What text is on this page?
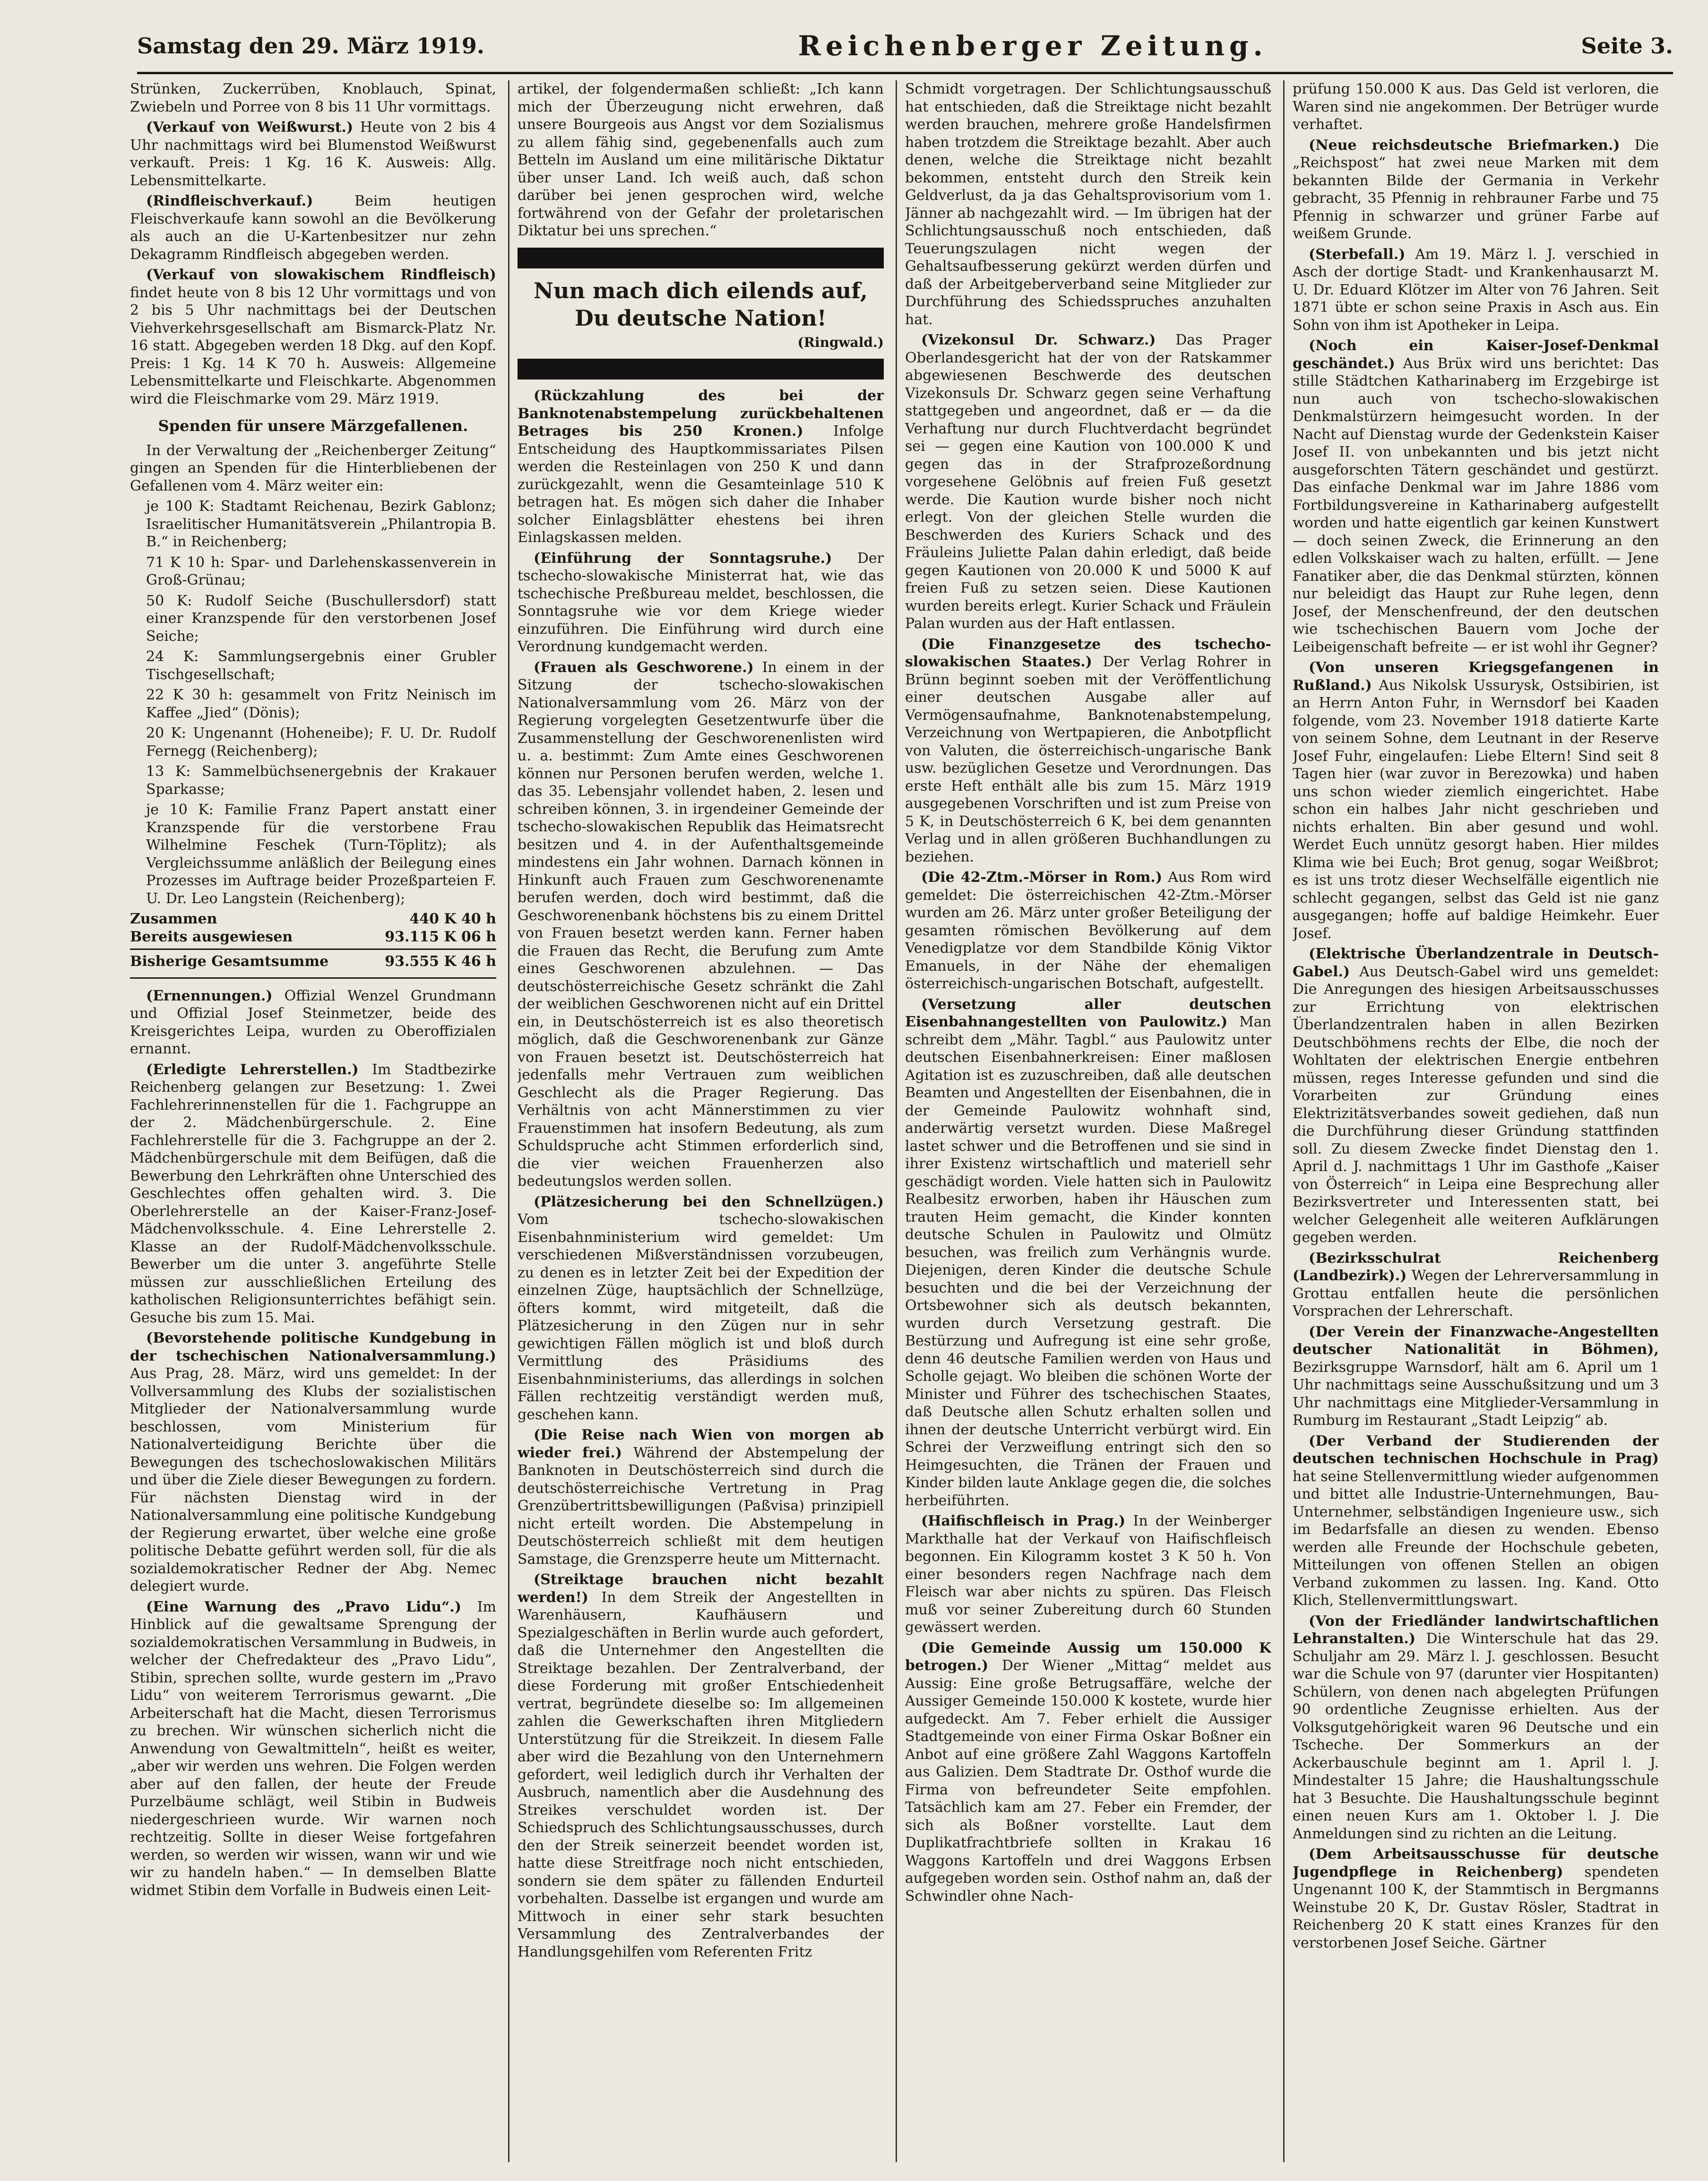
Samstag den 29. März 1919.	Reichenberger Zeitung.	Seite 3.

Strünken, Zuckerrüben, Knoblauch, Spinat, Zwiebeln und Porree von 8 bis 11 Uhr vormittags.

(Verkauf von Weißwurst.) Heute von 2 bis 4 Uhr nachmittags wird bei Blumenstod Weißwurst verkauft. Preis: 1 Kg. 16 K. Ausweis: Allg. Lebensmittelkarte.

(Rindfleischverkauf.) Beim heutigen Fleischverkaufe kann sowohl an die Bevölkerung als auch an die U-Kartenbesitzer nur zehn Dekagramm Rindfleisch abgegeben werden.

(Verkauf von slowakischem Rindfleisch) findet heute von 8 bis 12 Uhr vormittags und von 2 bis 5 Uhr nachmittags bei der Deutschen Viehverkehrsgesellschaft am Bismarck-Platz Nr. 16 statt. Abgegeben werden 18 Dkg. auf den Kopf. Preis: 1 Kg. 14 K 70 h. Ausweis: Allgemeine Lebensmittelkarte und Fleischkarte. Abgenommen wird die Fleischmarke vom 29. März 1919.

Spenden für unsere Märzgefallenen.

In der Verwaltung der „Reichenberger Zeitung“ gingen an Spenden für die Hinterbliebenen der Gefallenen vom 4. März weiter ein:

je 100 K: Stadtamt Reichenau, Bezirk Gablonz; Israelitischer Humanitätsverein „Philantropia B. B.“ in Reichenberg;

71 K 10 h: Spar- und Darlehenskassenverein in Groß-Grünau;

50 K: Rudolf Seiche (Buschullersdorf) statt einer Kranzspende für den verstorbenen Josef Seiche;

24 K: Sammlungsergebnis einer Grubler Tischgesellschaft;

22 K 30 h: gesammelt von Fritz Neinisch im Kaffee „Jied“ (Dönis);

20 K: Ungenannt (Hoheneibe); F. U. Dr. Rudolf Fernegg (Reichenberg);

13 K: Sammelbüchsenergebnis der Krakauer Sparkasse;

je 10 K: Familie Franz Papert anstatt einer Kranzspende für die verstorbene Frau Wilhelmine Feschek (Turn-Töplitz); als Vergleichssumme anläßlich der Beilegung eines Prozesses im Auftrage beider Prozeßparteien F. U. Dr. Leo Langstein (Reichenberg);

Zusammen	440 K 40 h
Bereits ausgewiesen	93.115 K 06 h
Bisherige Gesamtsumme	93.555 K 46 h

(Ernennungen.) Offizial Wenzel Grundmann und Offizial Josef Steinmetzer, beide des Kreisgerichtes Leipa, wurden zu Oberoffizialen ernannt.

(Erledigte Lehrerstellen.) Im Stadtbezirke Reichenberg gelangen zur Besetzung: 1. Zwei Fachlehrerinnenstellen für die 1. Fachgruppe an der 2. Mädchenbürgerschule. 2. Eine Fachlehrerstelle für die 3. Fachgruppe an der 2. Mädchenbürgerschule mit dem Beifügen, daß die Bewerbung den Lehrkräften ohne Unterschied des Geschlechtes offen gehalten wird. 3. Die Oberlehrerstelle an der Kaiser-Franz-Josef-Mädchenvolksschule. 4. Eine Lehrerstelle 2. Klasse an der Rudolf-Mädchenvolksschule. Bewerber um die unter 3. angeführte Stelle müssen zur ausschließlichen Erteilung des katholischen Religionsunterrichtes befähigt sein. Gesuche bis zum 15. Mai.

(Bevorstehende politische Kundgebung in der tschechischen Nationalversammlung.) Aus Prag, 28. März, wird uns gemeldet: In der Vollversammlung des Klubs der sozialistischen Mitglieder der Nationalversammlung wurde beschlossen, vom Ministerium für Nationalverteidigung Berichte über die Bewegungen des tschechoslowakischen Militärs und über die Ziele dieser Bewegungen zu fordern. Für nächsten Dienstag wird in der Nationalversammlung eine politische Kundgebung der Regierung erwartet, über welche eine große politische Debatte geführt werden soll, für die als sozialdemokratischer Redner der Abg. Nemec delegiert wurde.

(Eine Warnung des „Pravo Lidu“.) Im Hinblick auf die gewaltsame Sprengung der sozialdemokratischen Versammlung in Budweis, in welcher der Chefredakteur des „Pravo Lidu“, Stibin, sprechen sollte, wurde gestern im „Pravo Lidu“ von weiterem Terrorismus gewarnt. „Die Arbeiterschaft hat die Macht, diesen Terrorismus zu brechen. Wir wünschen sicherlich nicht die Anwendung von Gewaltmitteln“, heißt es weiter, „aber wir werden uns wehren. Die Folgen werden aber auf den fallen, der heute der Freude Purzelbäume schlägt, weil Stibin in Budweis niedergeschrieen wurde. Wir warnen noch rechtzeitig. Sollte in dieser Weise fortgefahren werden, so werden wir wissen, wann wir und wie wir zu handeln haben.“ — In demselben Blatte widmet Stibin dem Vorfalle in Budweis einen Leit-

artikel, der folgendermaßen schließt: „Ich kann mich der Überzeugung nicht erwehren, daß unsere Bourgeois aus Angst vor dem Sozialismus zu allem fähig sind, gegebenenfalls auch zum Betteln im Ausland um eine militärische Diktatur über unser Land. Ich weiß auch, daß schon darüber bei jenen gesprochen wird, welche fortwährend von der Gefahr der proletarischen Diktatur bei uns sprechen.“

Nun mach dich eilends auf, Du deutsche Nation!
(Ringwald.)

(Rückzahlung des bei der Banknotenabstempelung zurückbehaltenen Betrages bis 250 Kronen.) Infolge Entscheidung des Hauptkommissariates Pilsen werden die Resteinlagen von 250 K und dann zurückgezahlt, wenn die Gesamteinlage 510 K betragen hat. Es mögen sich daher die Inhaber solcher Einlagsblätter ehestens bei ihren Einlagskassen melden.

(Einführung der Sonntagsruhe.) Der tschecho-slowakische Ministerrat hat, wie das tschechische Preßbureau meldet, beschlossen, die Sonntagsruhe wie vor dem Kriege wieder einzuführen. Die Einführung wird durch eine Verordnung kundgemacht werden.

(Frauen als Geschworene.) In einem in der Sitzung der tschecho-slowakischen Nationalversammlung vom 26. März von der Regierung vorgelegten Gesetzentwurfe über die Zusammenstellung der Geschworenenlisten wird u. a. bestimmt: Zum Amte eines Geschworenen können nur Personen berufen werden, welche 1. das 35. Lebensjahr vollendet haben, 2. lesen und schreiben können, 3. in irgendeiner Gemeinde der tschecho-slowakischen Republik das Heimatsrecht besitzen und 4. in der Aufenthaltsgemeinde mindestens ein Jahr wohnen. Darnach können in Hinkunft auch Frauen zum Geschworenenamte berufen werden, doch wird bestimmt, daß die Geschworenenbank höchstens bis zu einem Drittel von Frauen besetzt werden kann. Ferner haben die Frauen das Recht, die Berufung zum Amte eines Geschworenen abzulehnen. — Das deutschösterreichische Gesetz schränkt die Zahl der weiblichen Geschworenen nicht auf ein Drittel ein, in Deutschösterreich ist es also theoretisch möglich, daß die Geschworenenbank zur Gänze von Frauen besetzt ist. Deutschösterreich hat jedenfalls mehr Vertrauen zum weiblichen Geschlecht als die Prager Regierung. Das Verhältnis von acht Männerstimmen zu vier Frauenstimmen hat insofern Bedeutung, als zum Schuldspruche acht Stimmen erforderlich sind, die vier weichen Frauenherzen also bedeutungslos werden sollen.

(Plätzesicherung bei den Schnellzügen.) Vom tschecho-slowakischen Eisenbahnministerium wird gemeldet: Um verschiedenen Mißverständnissen vorzubeugen, zu denen es in letzter Zeit bei der Expedition der einzelnen Züge, hauptsächlich der Schnellzüge, öfters kommt, wird mitgeteilt, daß die Plätzesicherung in den Zügen nur in sehr gewichtigen Fällen möglich ist und bloß durch Vermittlung des Präsidiums des Eisenbahnministeriums, das allerdings in solchen Fällen rechtzeitig verständigt werden muß, geschehen kann.

(Die Reise nach Wien von morgen ab wieder frei.) Während der Abstempelung der Banknoten in Deutschösterreich sind durch die deutschösterreichische Vertretung in Prag Grenzübertrittsbewilligungen (Paßvisa) prinzipiell nicht erteilt worden. Die Abstempelung in Deutschösterreich schließt mit dem heutigen Samstage, die Grenzsperre heute um Mitternacht.

(Streiktage brauchen nicht bezahlt werden!) In dem Streik der Angestellten in Warenhäusern, Kaufhäusern und Spezialgeschäften in Berlin wurde auch gefordert, daß die Unternehmer den Angestellten die Streiktage bezahlen. Der Zentralverband, der diese Forderung mit großer Entschiedenheit vertrat, begründete dieselbe so: Im allgemeinen zahlen die Gewerkschaften ihren Mitgliedern Unterstützung für die Streikzeit. In diesem Falle aber wird die Bezahlung von den Unternehmern gefordert, weil lediglich durch ihr Verhalten der Ausbruch, namentlich aber die Ausdehnung des Streikes verschuldet worden ist. Der Schiedspruch des Schlichtungsausschusses, durch den der Streik seinerzeit beendet worden ist, hatte diese Streitfrage noch nicht entschieden, sondern sie dem später zu fällenden Endurteil vorbehalten. Dasselbe ist ergangen und wurde am Mittwoch in einer sehr stark besuchten Versammlung des Zentralverbandes der Handlungsgehilfen vom Referenten Fritz

Schmidt vorgetragen. Der Schlichtungsausschuß hat entschieden, daß die Streiktage nicht bezahlt werden brauchen, mehrere große Handelsfirmen haben trotzdem die Streiktage bezahlt. Aber auch denen, welche die Streiktage nicht bezahlt bekommen, entsteht durch den Streik kein Geldverlust, da ja das Gehaltsprovisorium vom 1. Jänner ab nachgezahlt wird. — Im übrigen hat der Schlichtungsausschuß noch entschieden, daß Teuerungszulagen nicht wegen der Gehaltsaufbesserung gekürzt werden dürfen und daß der Arbeitgeberverband seine Mitglieder zur Durchführung des Schiedsspruches anzuhalten hat.

(Vizekonsul Dr. Schwarz.) Das Prager Oberlandesgericht hat der von der Ratskammer abgewiesenen Beschwerde des deutschen Vizekonsuls Dr. Schwarz gegen seine Verhaftung stattgegeben und angeordnet, daß er — da die Verhaftung nur durch Fluchtverdacht begründet sei — gegen eine Kaution von 100.000 K und gegen das in der Strafprozeßordnung vorgesehene Gelöbnis auf freien Fuß gesetzt werde. Die Kaution wurde bisher noch nicht erlegt. Von der gleichen Stelle wurden die Beschwerden des Kuriers Schack und des Fräuleins Juliette Palan dahin erledigt, daß beide gegen Kautionen von 20.000 K und 5000 K auf freien Fuß zu setzen seien. Diese Kautionen wurden bereits erlegt. Kurier Schack und Fräulein Palan wurden aus der Haft entlassen.

(Die Finanzgesetze des tschecho-slowakischen Staates.) Der Verlag Rohrer in Brünn beginnt soeben mit der Veröffentlichung einer deutschen Ausgabe aller auf Vermögensaufnahme, Banknotenabstempelung, Verzeichnung von Wertpapieren, die Anbotpflicht von Valuten, die österreichisch-ungarische Bank usw. bezüglichen Gesetze und Verordnungen. Das erste Heft enthält alle bis zum 15. März 1919 ausgegebenen Vorschriften und ist zum Preise von 5 K, in Deutschösterreich 6 K, bei dem genannten Verlag und in allen größeren Buchhandlungen zu beziehen.

(Die 42-Ztm.-Mörser in Rom.) Aus Rom wird gemeldet: Die österreichischen 42-Ztm.-Mörser wurden am 26. März unter großer Beteiligung der gesamten römischen Bevölkerung auf dem Venedigplatze vor dem Standbilde König Viktor Emanuels, in der Nähe der ehemaligen österreichisch-ungarischen Botschaft, aufgestellt.

(Versetzung aller deutschen Eisenbahnangestellten von Paulowitz.) Man schreibt dem „Mähr. Tagbl.“ aus Paulowitz unter deutschen Eisenbahnerkreisen: Einer maßlosen Agitation ist es zuzuschreiben, daß alle deutschen Beamten und Angestellten der Eisenbahnen, die in der Gemeinde Paulowitz wohnhaft sind, anderwärtig versetzt wurden. Diese Maßregel lastet schwer und die Betroffenen und sie sind in ihrer Existenz wirtschaftlich und materiell sehr geschädigt worden. Viele hatten sich in Paulowitz Realbesitz erworben, haben ihr Häuschen zum trauten Heim gemacht, die Kinder konnten deutsche Schulen in Paulowitz und Olmütz besuchen, was freilich zum Verhängnis wurde. Diejenigen, deren Kinder die deutsche Schule besuchten und die bei der Verzeichnung der Ortsbewohner sich als deutsch bekannten, wurden durch Versetzung gestraft. Die Bestürzung und Aufregung ist eine sehr große, denn 46 deutsche Familien werden von Haus und Scholle gejagt. Wo bleiben die schönen Worte der Minister und Führer des tschechischen Staates, daß Deutsche allen Schutz erhalten sollen und ihnen der deutsche Unterricht verbürgt wird. Ein Schrei der Verzweiflung entringt sich den so Heimgesuchten, die Tränen der Frauen und Kinder bilden laute Anklage gegen die, die solches herbeiführten.

(Haifischfleisch in Prag.) In der Weinberger Markthalle hat der Verkauf von Haifischfleisch begonnen. Ein Kilogramm kostet 3 K 50 h. Von einer besonders regen Nachfrage nach dem Fleisch war aber nichts zu spüren. Das Fleisch muß vor seiner Zubereitung durch 60 Stunden gewässert werden.

(Die Gemeinde Aussig um 150.000 K betrogen.) Der Wiener „Mittag“ meldet aus Aussig: Eine große Betrugsaffäre, welche der Aussiger Gemeinde 150.000 K kostete, wurde hier aufgedeckt. Am 7. Feber erhielt die Aussiger Stadtgemeinde von einer Firma Oskar Boßner ein Anbot auf eine größere Zahl Waggons Kartoffeln aus Galizien. Dem Stadtrate Dr. Osthof wurde die Firma von befreundeter Seite empfohlen. Tatsächlich kam am 27. Feber ein Fremder, der sich als Boßner vorstellte. Laut dem Duplikatfrachtbriefe sollten in Krakau 16 Waggons Kartoffeln und drei Waggons Erbsen aufgegeben worden sein. Osthof nahm an, daß der Schwindler ohne Nach-

prüfung 150.000 K aus. Das Geld ist verloren, die Waren sind nie angekommen. Der Betrüger wurde verhaftet.

(Neue reichsdeutsche Briefmarken.) Die „Reichspost“ hat zwei neue Marken mit dem bekannten Bilde der Germania in Verkehr gebracht, 35 Pfennig in rehbrauner Farbe und 75 Pfennig in schwarzer und grüner Farbe auf weißem Grunde.

(Sterbefall.) Am 19. März l. J. verschied in Asch der dortige Stadt- und Krankenhausarzt M. U. Dr. Eduard Klötzer im Alter von 76 Jahren. Seit 1871 übte er schon seine Praxis in Asch aus. Ein Sohn von ihm ist Apotheker in Leipa.

(Noch ein Kaiser-Josef-Denkmal geschändet.) Aus Brüx wird uns berichtet: Das stille Städtchen Katharinaberg im Erzgebirge ist nun auch von tschecho-slowakischen Denkmalstürzern heimgesucht worden. In der Nacht auf Dienstag wurde der Gedenkstein Kaiser Josef II. von unbekannten und bis jetzt nicht ausgeforschten Tätern geschändet und gestürzt. Das einfache Denkmal war im Jahre 1886 vom Fortbildungsvereine in Katharinaberg aufgestellt worden und hatte eigentlich gar keinen Kunstwert — doch seinen Zweck, die Erinnerung an den edlen Volkskaiser wach zu halten, erfüllt. — Jene Fanatiker aber, die das Denkmal stürzten, können nur beleidigt das Haupt zur Ruhe legen, denn Josef, der Menschenfreund, der den deutschen wie tschechischen Bauern vom Joche der Leibeigenschaft befreite — er ist wohl ihr Gegner?

(Von unseren Kriegsgefangenen in Rußland.) Aus Nikolsk Ussurysk, Ostsibirien, ist an Herrn Anton Fuhr, in Wernsdorf bei Kaaden folgende, vom 23. November 1918 datierte Karte von seinem Sohne, dem Leutnant in der Reserve Josef Fuhr, eingelaufen: Liebe Eltern! Sind seit 8 Tagen hier (war zuvor in Berezowka) und haben uns schon wieder ziemlich eingerichtet. Habe schon ein halbes Jahr nicht geschrieben und nichts erhalten. Bin aber gesund und wohl. Werdet Euch unnütz gesorgt haben. Hier mildes Klima wie bei Euch; Brot genug, sogar Weißbrot; es ist uns trotz dieser Wechselfälle eigentlich nie schlecht gegangen, selbst das Geld ist nie ganz ausgegangen; hoffe auf baldige Heimkehr. Euer Josef.

(Elektrische Überlandzentrale in Deutsch-Gabel.) Aus Deutsch-Gabel wird uns gemeldet: Die Anregungen des hiesigen Arbeitsausschusses zur Errichtung von elektrischen Überlandzentralen haben in allen Bezirken Deutschböhmens rechts der Elbe, die noch der Wohltaten der elektrischen Energie entbehren müssen, reges Interesse gefunden und sind die Vorarbeiten zur Gründung eines Elektrizitätsverbandes soweit gediehen, daß nun die Durchführung dieser Gründung stattfinden soll. Zu diesem Zwecke findet Dienstag den 1. April d. J. nachmittags 1 Uhr im Gasthofe „Kaiser von Österreich“ in Leipa eine Besprechung aller Bezirksvertreter und Interessenten statt, bei welcher Gelegenheit alle weiteren Aufklärungen gegeben werden.

(Bezirksschulrat Reichenberg (Landbezirk).) Wegen der Lehrerversammlung in Grottau entfallen heute die persönlichen Vorsprachen der Lehrerschaft.

(Der Verein der Finanzwache-Angestellten deutscher Nationalität in Böhmen), Bezirksgruppe Warnsdorf, hält am 6. April um 1 Uhr nachmittags seine Ausschußsitzung und um 3 Uhr nachmittags eine Mitglieder-Versammlung in Rumburg im Restaurant „Stadt Leipzig“ ab.

(Der Verband der Studierenden der deutschen technischen Hochschule in Prag) hat seine Stellenvermittlung wieder aufgenommen und bittet alle Industrie-Unternehmungen, Bau-Unternehmer, selbständigen Ingenieure usw., sich im Bedarfsfalle an diesen zu wenden. Ebenso werden alle Freunde der Hochschule gebeten, Mitteilungen von offenen Stellen an obigen Verband zukommen zu lassen. Ing. Kand. Otto Klich, Stellenvermittlungswart.

(Von der Friedländer landwirtschaftlichen Lehranstalten.) Die Winterschule hat das 29. Schuljahr am 29. März l. J. geschlossen. Besucht war die Schule von 97 (darunter vier Hospitanten) Schülern, von denen nach abgelegten Prüfungen 90 ordentliche Zeugnisse erhielten. Aus der Volksgutgehörigkeit waren 96 Deutsche und ein Tscheche. Der Sommerkurs an der Ackerbauschule beginnt am 1. April l. J. Mindestalter 15 Jahre; die Haushaltungsschule hat 3 Besuchte. Die Haushaltungsschule beginnt einen neuen Kurs am 1. Oktober l. J. Die Anmeldungen sind zu richten an die Leitung.

(Dem Arbeitsausschusse für deutsche Jugendpflege in Reichenberg) spendeten Ungenannt 100 K, der Stammtisch in Bergmanns Weinstube 20 K, Dr. Gustav Rösler, Stadtrat in Reichenberg 20 K statt eines Kranzes für den verstorbenen Josef Seiche. Gärtner
